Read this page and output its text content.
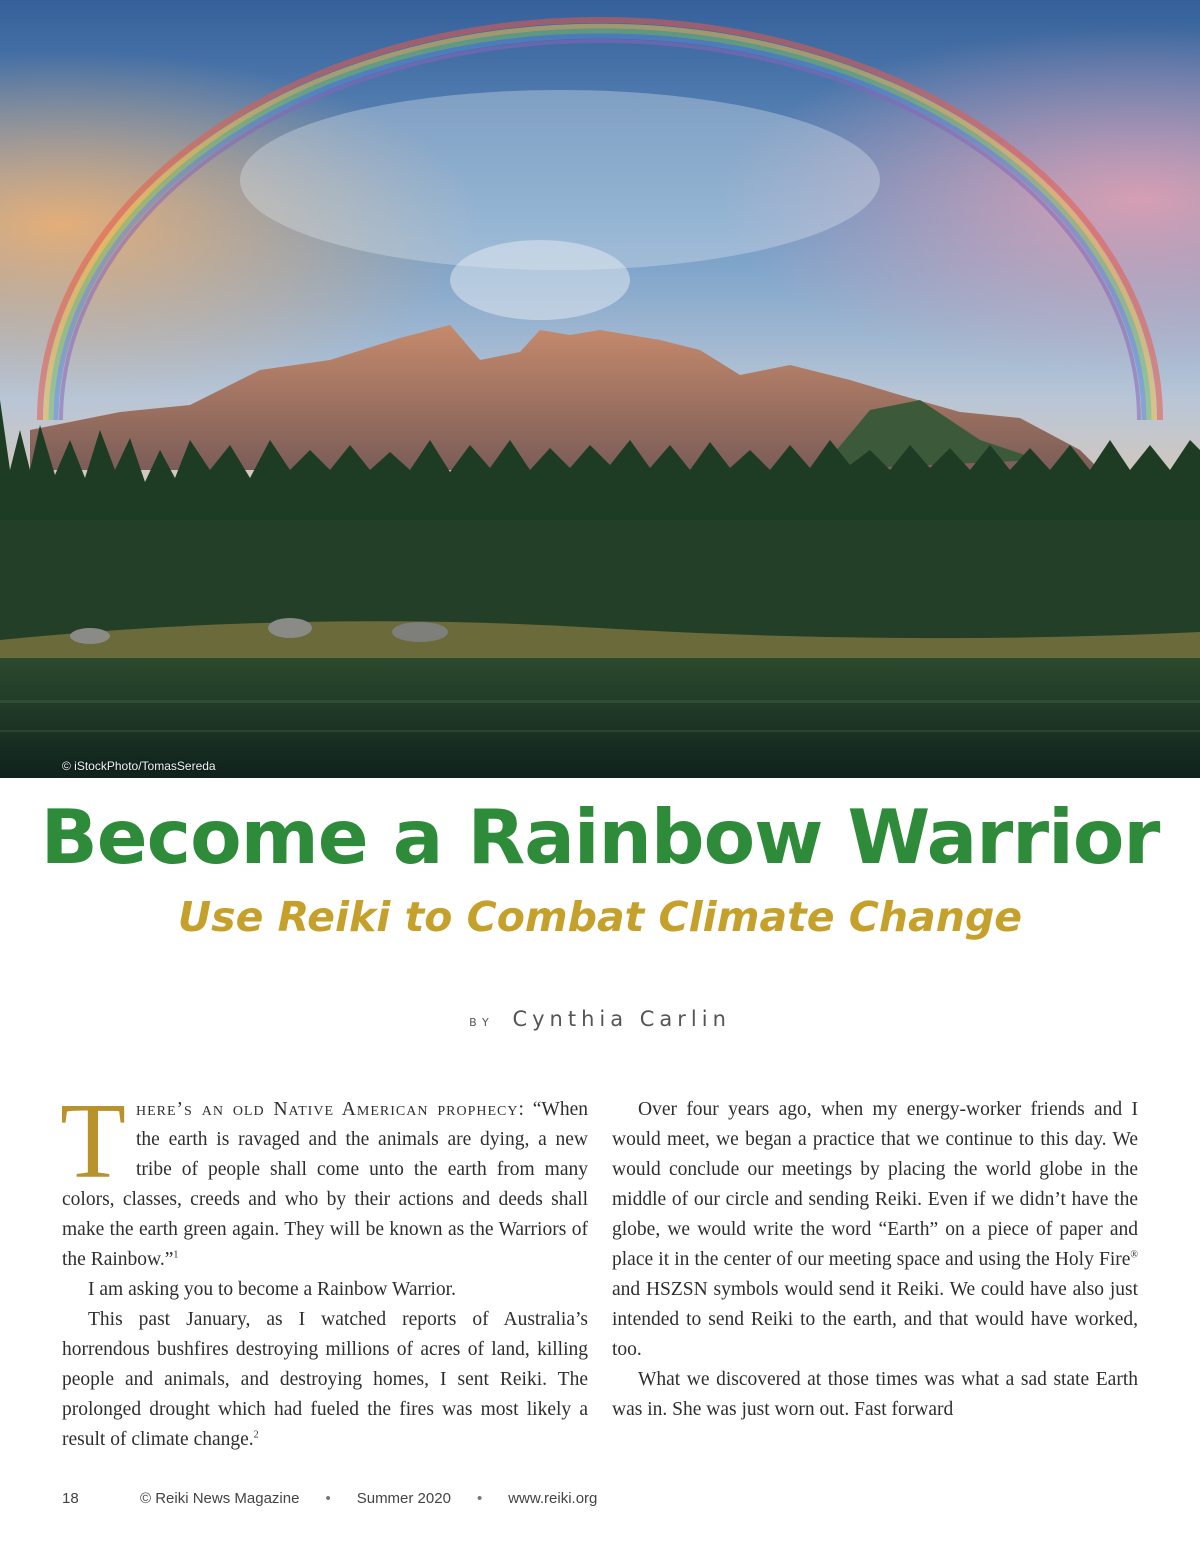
© iStockPhoto/TomasSereda
Become a Rainbow Warrior
Use Reiki to Combat Climate Change
by Cynthia Carlin

There’s an old Native American prophecy: “When the earth is ravaged and the animals are dying, a new tribe of people shall come unto the earth from many colors, classes, creeds and who by their actions and deeds shall make the earth green again. They will be known as the Warriors of the Rainbow.”$^1$

I am asking you to become a Rainbow Warrior.

This past January, as I watched reports of Australia’s horrendous bushfires destroying millions of acres of land, killing people and animals, and destroying homes, I sent Reiki. The prolonged drought which had fueled the fires was most likely a result of climate change.$^2$

Over four years ago, when my energy-worker friends and I would meet, we began a practice that we continue to this day. We would conclude our meetings by placing the world globe in the middle of our circle and sending Reiki. Even if we didn’t have the globe, we would write the word “Earth” on a piece of paper and place it in the center of our meeting space and using the Holy Fire® and HSZSN symbols would send it Reiki. We could have also just intended to send Reiki to the earth, and that would have worked, too.

What we discovered at those times was what a sad state Earth was in. She was just worn out. Fast forward

18	© Reiki News Magazine • Summer 2020 • www.reiki.org
